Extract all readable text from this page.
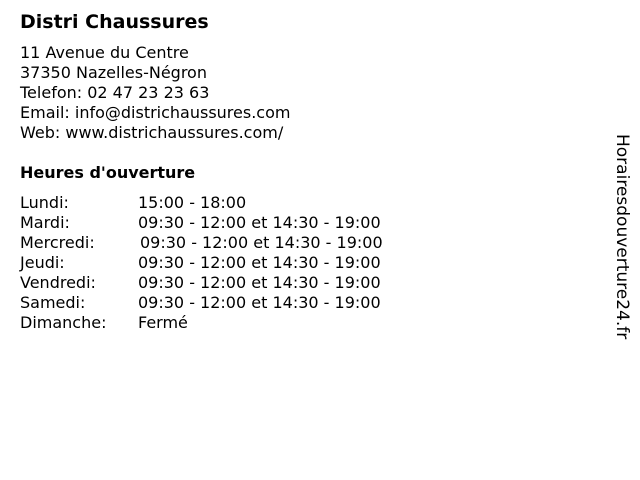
Distri Chaussures
11 Avenue du Centre
37350 Nazelles-Négron
Telefon: 02 47 23 23 63
Email: info@districhaussures.com
Web: www.districhaussures.com/
Heures d'ouverture
Lundi:	15:00 - 18:00
Mardi:	09:30 - 12:00 et 14:30 - 19:00
Mercredi:	09:30 - 12:00 et 14:30 - 19:00
Jeudi:	09:30 - 12:00 et 14:30 - 19:00
Vendredi:	09:30 - 12:00 et 14:30 - 19:00
Samedi:	09:30 - 12:00 et 14:30 - 19:00
Dimanche: Fermé	Horairesdouverture24.fr
